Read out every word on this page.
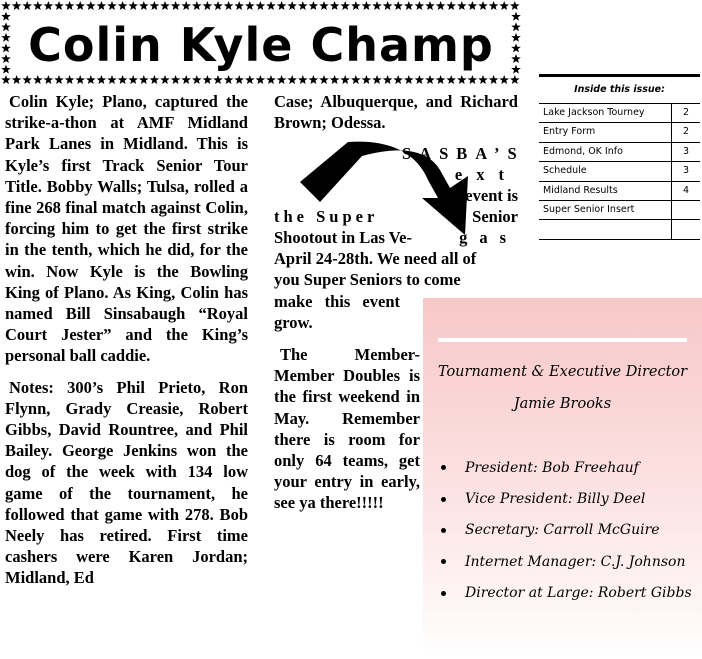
Colin Kyle Champ

Colin Kyle; Plano, captured the strike-a-thon at AMF Midland Park Lanes in Midland. This is Kyle’s first Track Senior Tour Title. Bobby Walls; Tulsa, rolled a fine 268 final match against Colin, forcing him to get the first strike in the tenth, which he did, for the win. Now Kyle is the Bowling King of Plano. As King, Colin has named Bill Sinsabaugh “Royal Court Jester” and the King’s personal ball caddie.

Notes: 300’s Phil Prieto, Ron Flynn, Grady Creasie, Robert Gibbs, David Rountree, and Phil Bailey. George Jenkins won the dog of the week with 134 low game of the tournament, he followed that game with 278. Bob Neely has retired. First time cashers were Karen Jordan; Midland, Ed

Case; Albuquerque, and Richard Brown; Odessa.

SASBA’S
next
event is
the Super	Senior
Shootout in Las Ve-	gas
April 24-28th. We need all of
you Super Seniors to come
make this event
grow.

The Member-Member Doubles is the first weekend in May. Remember there is room for only 64 teams, get your entry in early, see ya there!!!!!

Inside this issue:
Lake Jackson Tourney	2
Entry Form	2
Edmond, OK Info	3
Schedule	3
Midland Results	4
Super Senior Insert
Tournament & Executive Director
Jamie Brooks
President: Bob Freehauf
Vice President: Billy Deel
Secretary: Carroll McGuire
Internet Manager: C.J. Johnson
Director at Large: Robert Gibbs
